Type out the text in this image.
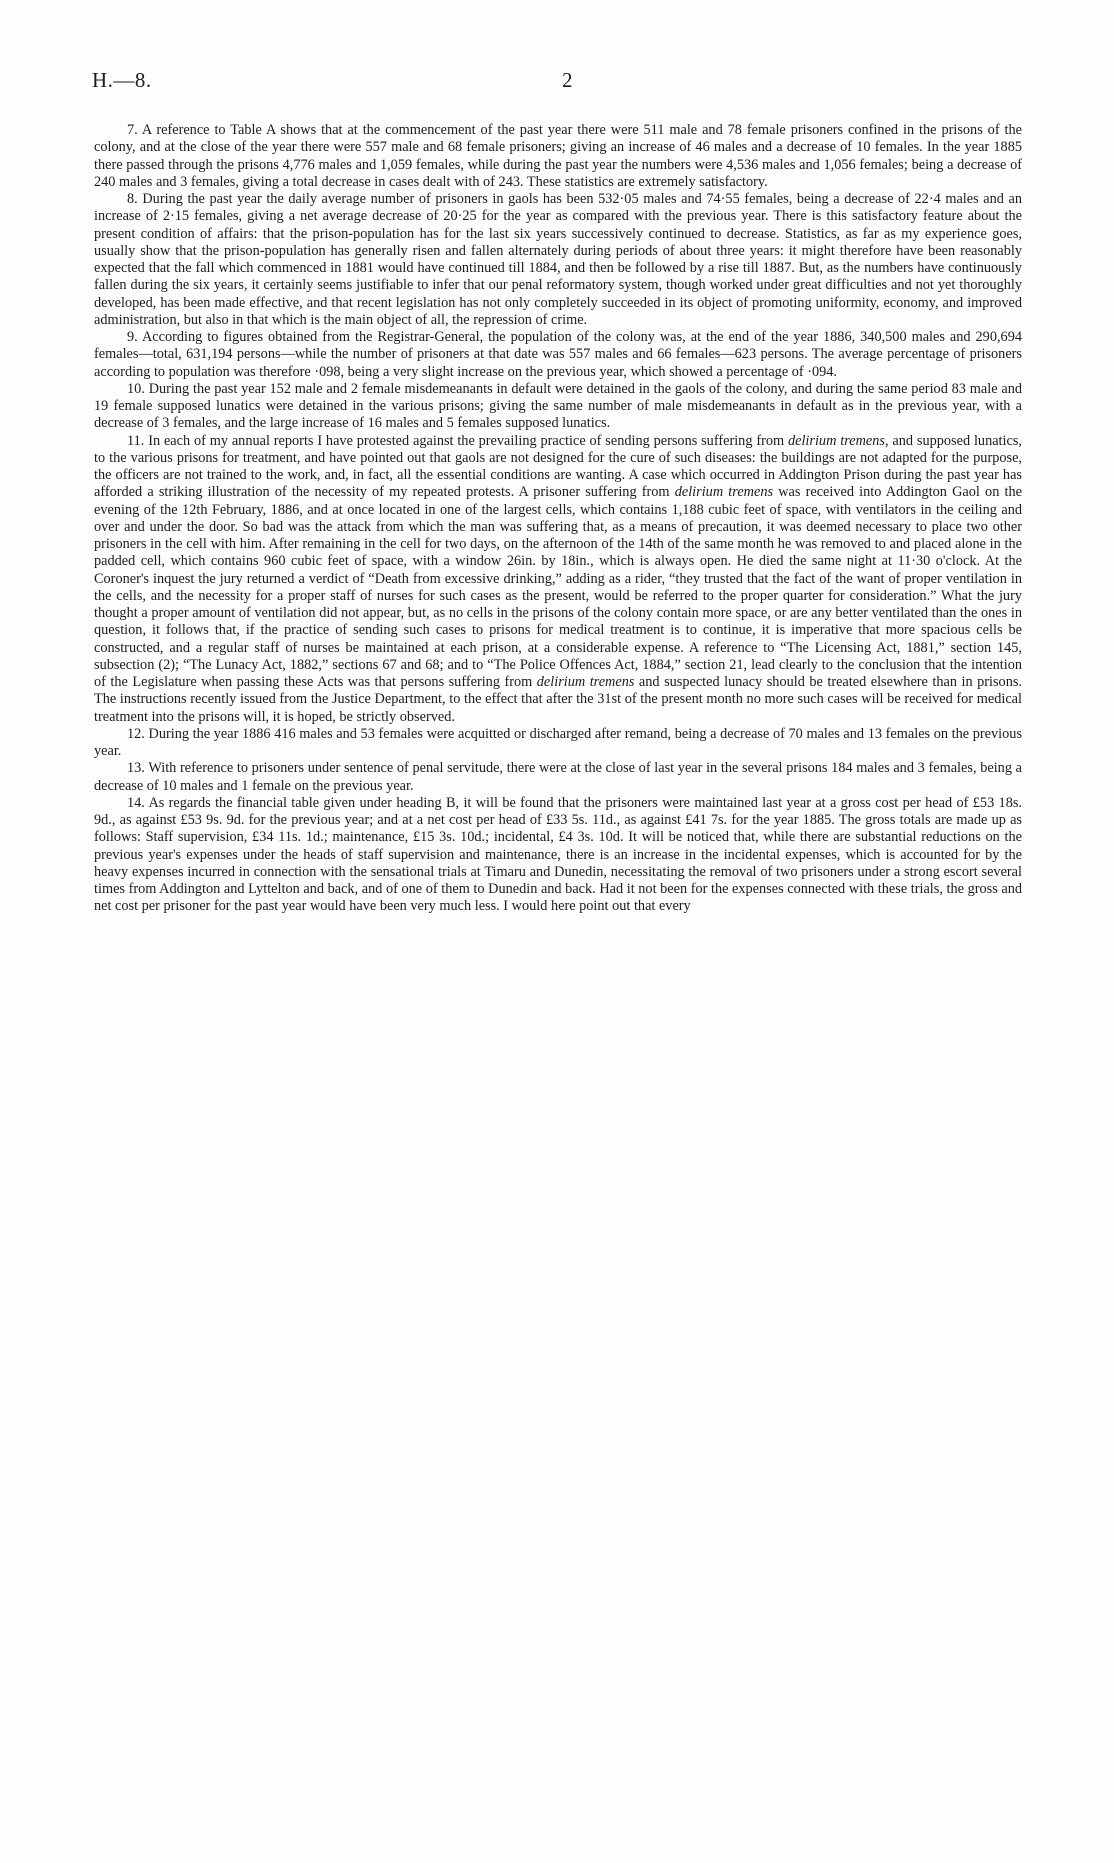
H.—8.	2

7. A reference to Table A shows that at the commencement of the past year there were 511 male and 78 female prisoners confined in the prisons of the colony, and at the close of the year there were 557 male and 68 female prisoners; giving an increase of 46 males and a decrease of 10 females. In the year 1885 there passed through the prisons 4,776 males and 1,059 females, while during the past year the numbers were 4,536 males and 1,056 females; being a decrease of 240 males and 3 females, giving a total decrease in cases dealt with of 243. These statistics are extremely satisfactory.

8. During the past year the daily average number of prisoners in gaols has been 532·05 males and 74·55 females, being a decrease of 22·4 males and an increase of 2·15 females, giving a net average decrease of 20·25 for the year as compared with the previous year. There is this satisfactory feature about the present condition of affairs: that the prison-population has for the last six years successively continued to decrease. Statistics, as far as my experience goes, usually show that the prison-population has generally risen and fallen alternately during periods of about three years: it might therefore have been reasonably expected that the fall which commenced in 1881 would have continued till 1884, and then be followed by a rise till 1887. But, as the numbers have continuously fallen during the six years, it certainly seems justifiable to infer that our penal reformatory system, though worked under great difficulties and not yet thoroughly developed, has been made effective, and that recent legislation has not only completely succeeded in its object of promoting uniformity, economy, and improved administration, but also in that which is the main object of all, the repression of crime.

9. According to figures obtained from the Registrar-General, the population of the colony was, at the end of the year 1886, 340,500 males and 290,694 females—total, 631,194 persons—while the number of prisoners at that date was 557 males and 66 females—623 persons. The average percentage of prisoners according to population was therefore ·098, being a very slight increase on the previous year, which showed a percentage of ·094.

10. During the past year 152 male and 2 female misdemeanants in default were detained in the gaols of the colony, and during the same period 83 male and 19 female supposed lunatics were detained in the various prisons; giving the same number of male misdemeanants in default as in the previous year, with a decrease of 3 females, and the large increase of 16 males and 5 females supposed lunatics.

11. In each of my annual reports I have protested against the prevailing practice of sending persons suffering from delirium tremens, and supposed lunatics, to the various prisons for treatment, and have pointed out that gaols are not designed for the cure of such diseases: the buildings are not adapted for the purpose, the officers are not trained to the work, and, in fact, all the essential conditions are wanting. A case which occurred in Addington Prison during the past year has afforded a striking illustration of the necessity of my repeated protests. A prisoner suffering from delirium tremens was received into Addington Gaol on the evening of the 12th February, 1886, and at once located in one of the largest cells, which contains 1,188 cubic feet of space, with ventilators in the ceiling and over and under the door. So bad was the attack from which the man was suffering that, as a means of precaution, it was deemed necessary to place two other prisoners in the cell with him. After remaining in the cell for two days, on the afternoon of the 14th of the same month he was removed to and placed alone in the padded cell, which contains 960 cubic feet of space, with a window 26in. by 18in., which is always open. He died the same night at 11·30 o'clock. At the Coroner's inquest the jury returned a verdict of “Death from excessive drinking,” adding as a rider, “they trusted that the fact of the want of proper ventilation in the cells, and the necessity for a proper staff of nurses for such cases as the present, would be referred to the proper quarter for consideration.” What the jury thought a proper amount of ventilation did not appear, but, as no cells in the prisons of the colony contain more space, or are any better ventilated than the ones in question, it follows that, if the practice of sending such cases to prisons for medical treatment is to continue, it is imperative that more spacious cells be constructed, and a regular staff of nurses be maintained at each prison, at a considerable expense. A reference to “The Licensing Act, 1881,” section 145, subsection (2); “The Lunacy Act, 1882,” sections 67 and 68; and to “The Police Offences Act, 1884,” section 21, lead clearly to the conclusion that the intention of the Legislature when passing these Acts was that persons suffering from delirium tremens and suspected lunacy should be treated elsewhere than in prisons. The instructions recently issued from the Justice Department, to the effect that after the 31st of the present month no more such cases will be received for medical treatment into the prisons will, it is hoped, be strictly observed.

12. During the year 1886 416 males and 53 females were acquitted or discharged after remand, being a decrease of 70 males and 13 females on the previous year.

13. With reference to prisoners under sentence of penal servitude, there were at the close of last year in the several prisons 184 males and 3 females, being a decrease of 10 males and 1 female on the previous year.

14. As regards the financial table given under heading B, it will be found that the prisoners were maintained last year at a gross cost per head of £53 18s. 9d., as against £53 9s. 9d. for the previous year; and at a net cost per head of £33 5s. 11d., as against £41 7s. for the year 1885. The gross totals are made up as follows: Staff supervision, £34 11s. 1d.; maintenance, £15 3s. 10d.; incidental, £4 3s. 10d. It will be noticed that, while there are substantial reductions on the previous year's expenses under the heads of staff supervision and maintenance, there is an increase in the incidental expenses, which is accounted for by the heavy expenses incurred in connection with the sensational trials at Timaru and Dunedin, necessitating the removal of two prisoners under a strong escort several times from Addington and Lyttelton and back, and of one of them to Dunedin and back. Had it not been for the expenses connected with these trials, the gross and net cost per prisoner for the past year would have been very much less. I would here point out that every
